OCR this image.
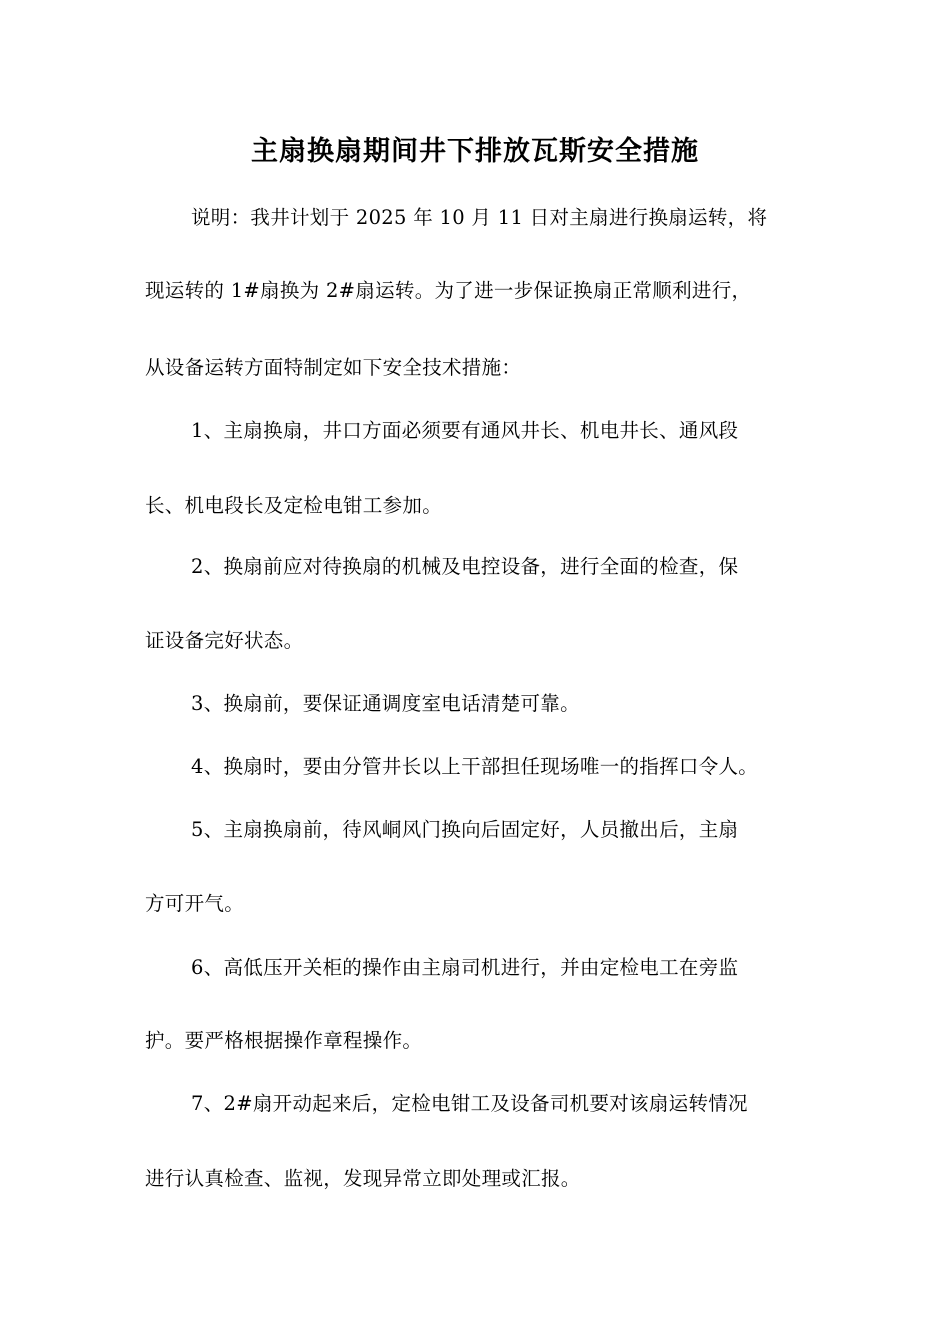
主扇换扇期间井下排放瓦斯安全措施
说明：我井计划于 2025 年 10 月 11 日对主扇进行换扇运转，将
现运转的 1#扇换为 2#扇运转。为了进一步保证换扇正常顺利进行，
从设备运转方面特制定如下安全技术措施：
1、主扇换扇，井口方面必须要有通风井长、机电井长、通风段
长、机电段长及定检电钳工参加。
2、换扇前应对待换扇的机械及电控设备，进行全面的检查，保
证设备完好状态。
3、换扇前，要保证通调度室电话清楚可靠。
4、换扇时，要由分管井长以上干部担任现场唯一的指挥口令人。
5、主扇换扇前，待风峒风门换向后固定好，人员撤出后，主扇
方可开气。
6、高低压开关柜的操作由主扇司机进行，并由定检电工在旁监
护。要严格根据操作章程操作。
7、2#扇开动起来后，定检电钳工及设备司机要对该扇运转情况
进行认真检查、监视，发现异常立即处理或汇报。
